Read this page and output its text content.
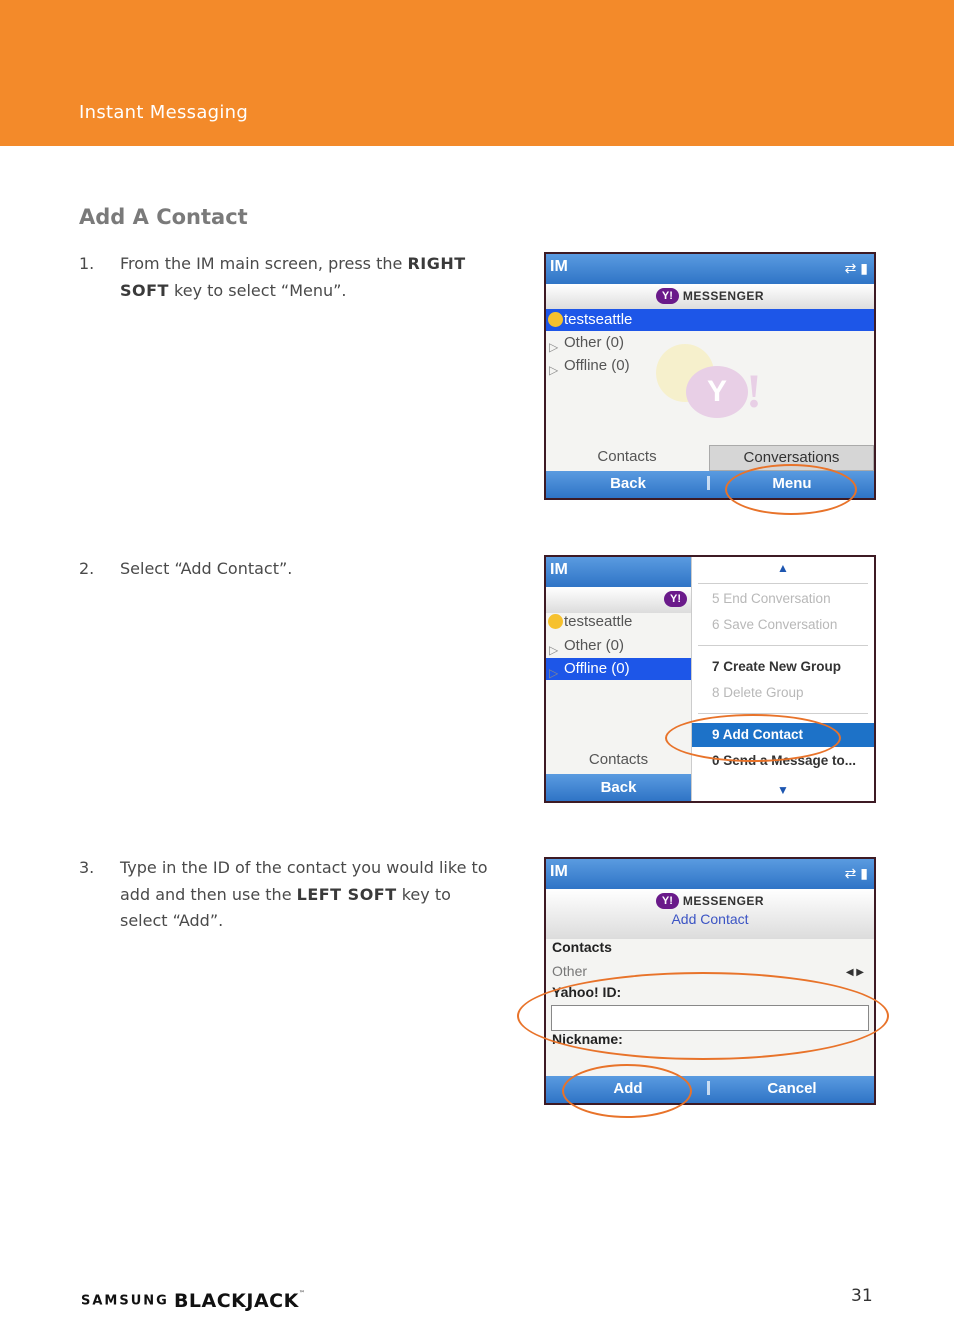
Instant Messaging
Add A Contact
1. From the IM main screen, press the RIGHT SOFT key to select “Menu”.
2. Select “Add Contact”.
3. Type in the ID of the contact you would like to add and then use the LEFT SOFT key to select “Add”.
IM	⇄ ▮
Y! MESSENGER
Y !
testseattle
▷ Other (0)
▷ Offline (0)
Contacts	Conversations
Back	Menu
IM
Y!
testseattle
▷ Other (0)
▷ Offline (0)
Contacts
Back
▲
5 End Conversation
6 Save Conversation
7 Create New Group
8 Delete Group
9 Add Contact
0 Send a Message to...
▼
IM	⇄ ▮
Y! MESSENGER
Add Contact
Contacts
Other	◀ ▶
Yahoo! ID:
Nickname:
Add	Cancel
SAMSUNG BLACKJACK™	31
